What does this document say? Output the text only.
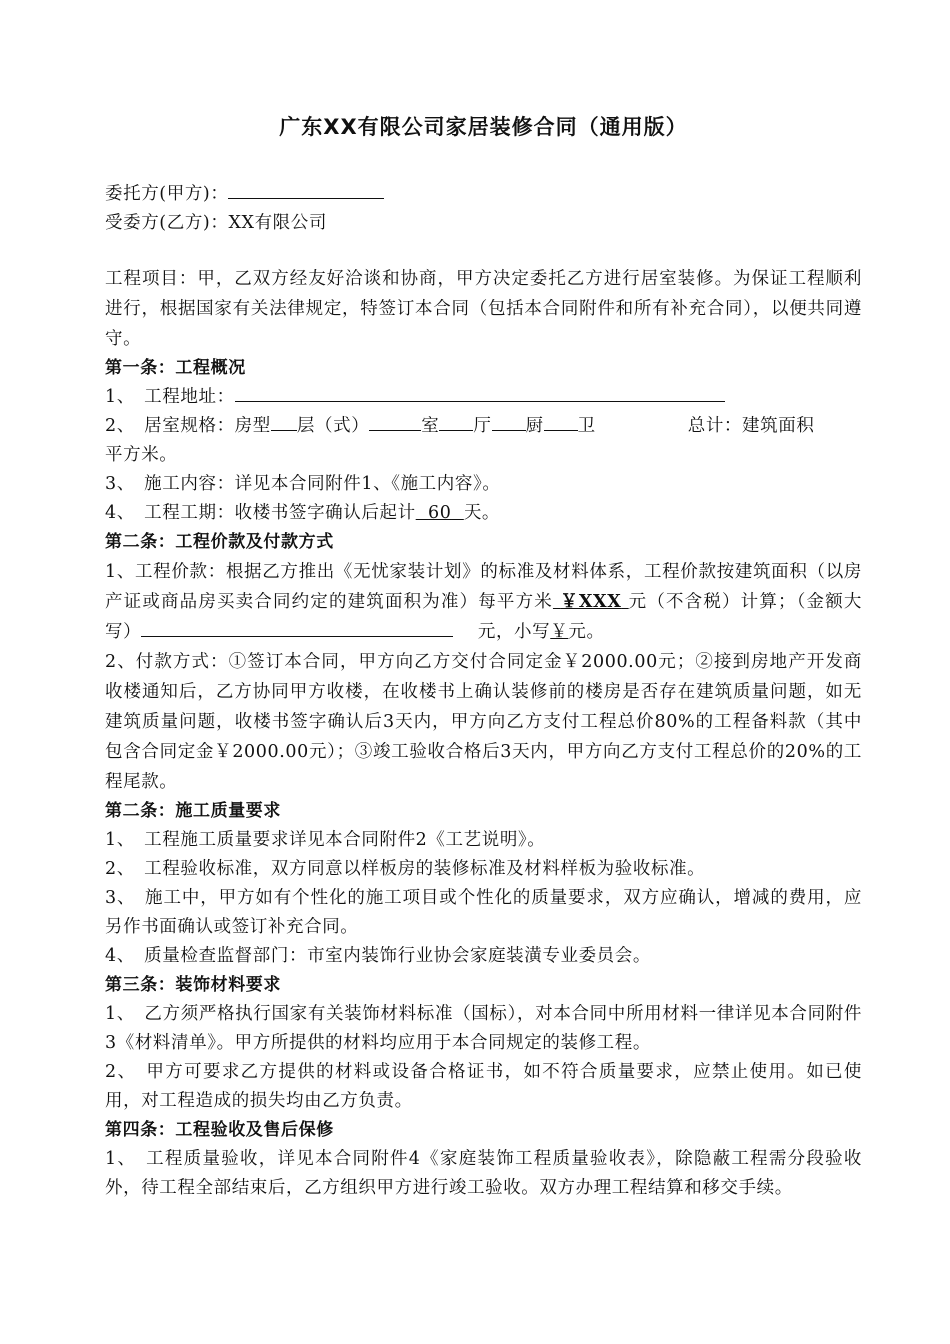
广东XX有限公司家居装修合同（通用版）

委托方(甲方)：

受委方(乙方)：XX有限公司

工程项目：甲，乙双方经友好洽谈和协商，甲方决定委托乙方进行居室装修。为保证工程顺利进行，根据国家有关法律规定，特签订本合同（包括本合同附件和所有补充合同），以便共同遵守。

第一条：工程概况

1、　工程地址：

2、　居室规格：房型 层（式）	室 厅 厨 卫	总计：建筑面积

平方米。

3、　施工内容：详见本合同附件1、《施工内容》。

4、　工程工期：收楼书签字确认后起计 60 天。

第二条：工程价款及付款方式

1、工程价款：根据乙方推出《无忧家装计划》的标准及材料体系，工程价款按建筑面积（以房产证或商品房买卖合同约定的建筑面积为准）每平方米 ￥XXX 元（不含税）计算；（金额大写）	元，小写￥元。

2、付款方式：①签订本合同，甲方向乙方交付合同定金￥2000.00元；②接到房地产开发商收楼通知后，乙方协同甲方收楼，在收楼书上确认装修前的楼房是否存在建筑质量问题，如无建筑质量问题，收楼书签字确认后3天内，甲方向乙方支付工程总价80%的工程备料款（其中包含合同定金￥2000.00元）；③竣工验收合格后3天内，甲方向乙方支付工程总价的20%的工程尾款。

第二条：施工质量要求

1、　工程施工质量要求详见本合同附件2《工艺说明》。

2、　工程验收标准，双方同意以样板房的装修标准及材料样板为验收标准。

3、　施工中，甲方如有个性化的施工项目或个性化的质量要求，双方应确认，增减的费用，应另作书面确认或签订补充合同。

4、　质量检查监督部门：市室内装饰行业协会家庭装潢专业委员会。

第三条：装饰材料要求

1、　乙方须严格执行国家有关装饰材料标准（国标），对本合同中所用材料一律详见本合同附件3《材料清单》。甲方所提供的材料均应用于本合同规定的装修工程。

2、　甲方可要求乙方提供的材料或设备合格证书，如不符合质量要求，应禁止使用。如已使用，对工程造成的损失均由乙方负责。

第四条：工程验收及售后保修

1、　工程质量验收，详见本合同附件4《家庭装饰工程质量验收表》，除隐蔽工程需分段验收外，待工程全部结束后，乙方组织甲方进行竣工验收。双方办理工程结算和移交手续。
